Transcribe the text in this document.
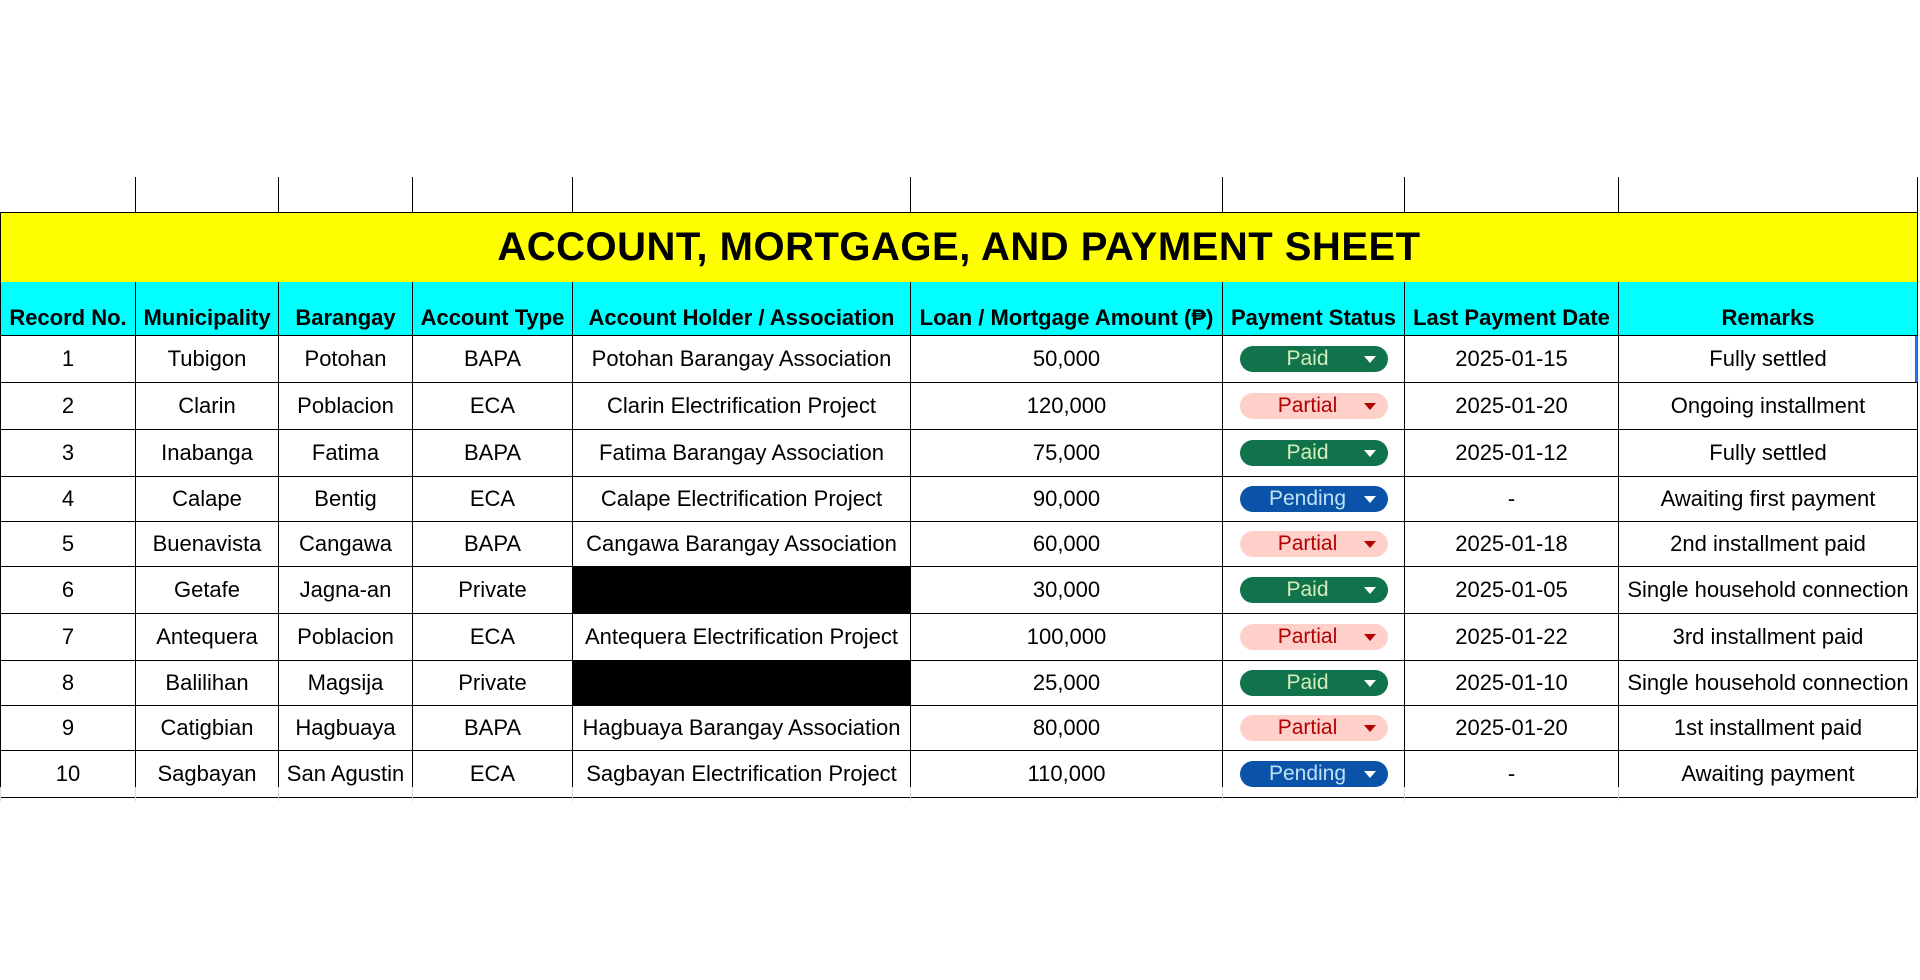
ACCOUNT, MORTGAGE, AND PAYMENT SHEET								
Record No.	Municipality	Barangay	Account Type	Account Holder / Association	Loan / Mortgage Amount (₱)	Payment Status	Last Payment Date	Remarks
1	Tubigon	Potohan	BAPA	Potohan Barangay Association	50,000	Paid	2025-01-15	Fully settled
2	Clarin	Poblacion	ECA	Clarin Electrification Project	120,000	Partial	2025-01-20	Ongoing installment
3	Inabanga	Fatima	BAPA	Fatima Barangay Association	75,000	Paid	2025-01-12	Fully settled
4	Calape	Bentig	ECA	Calape Electrification Project	90,000	Pending	-	Awaiting first payment
5	Buenavista	Cangawa	BAPA	Cangawa Barangay Association	60,000	Partial	2025-01-18	2nd installment paid
6	Getafe	Jagna-an	Private		30,000	Paid	2025-01-05	Single household connection
7	Antequera	Poblacion	ECA	Antequera Electrification Project	100,000	Partial	2025-01-22	3rd installment paid
8	Balilihan	Magsija	Private		25,000	Paid	2025-01-10	Single household connection
9	Catigbian	Hagbuaya	BAPA	Hagbuaya Barangay Association	80,000	Partial	2025-01-20	1st installment paid
10	Sagbayan	San Agustin	ECA	Sagbayan Electrification Project	110,000	Pending	-	Awaiting payment
